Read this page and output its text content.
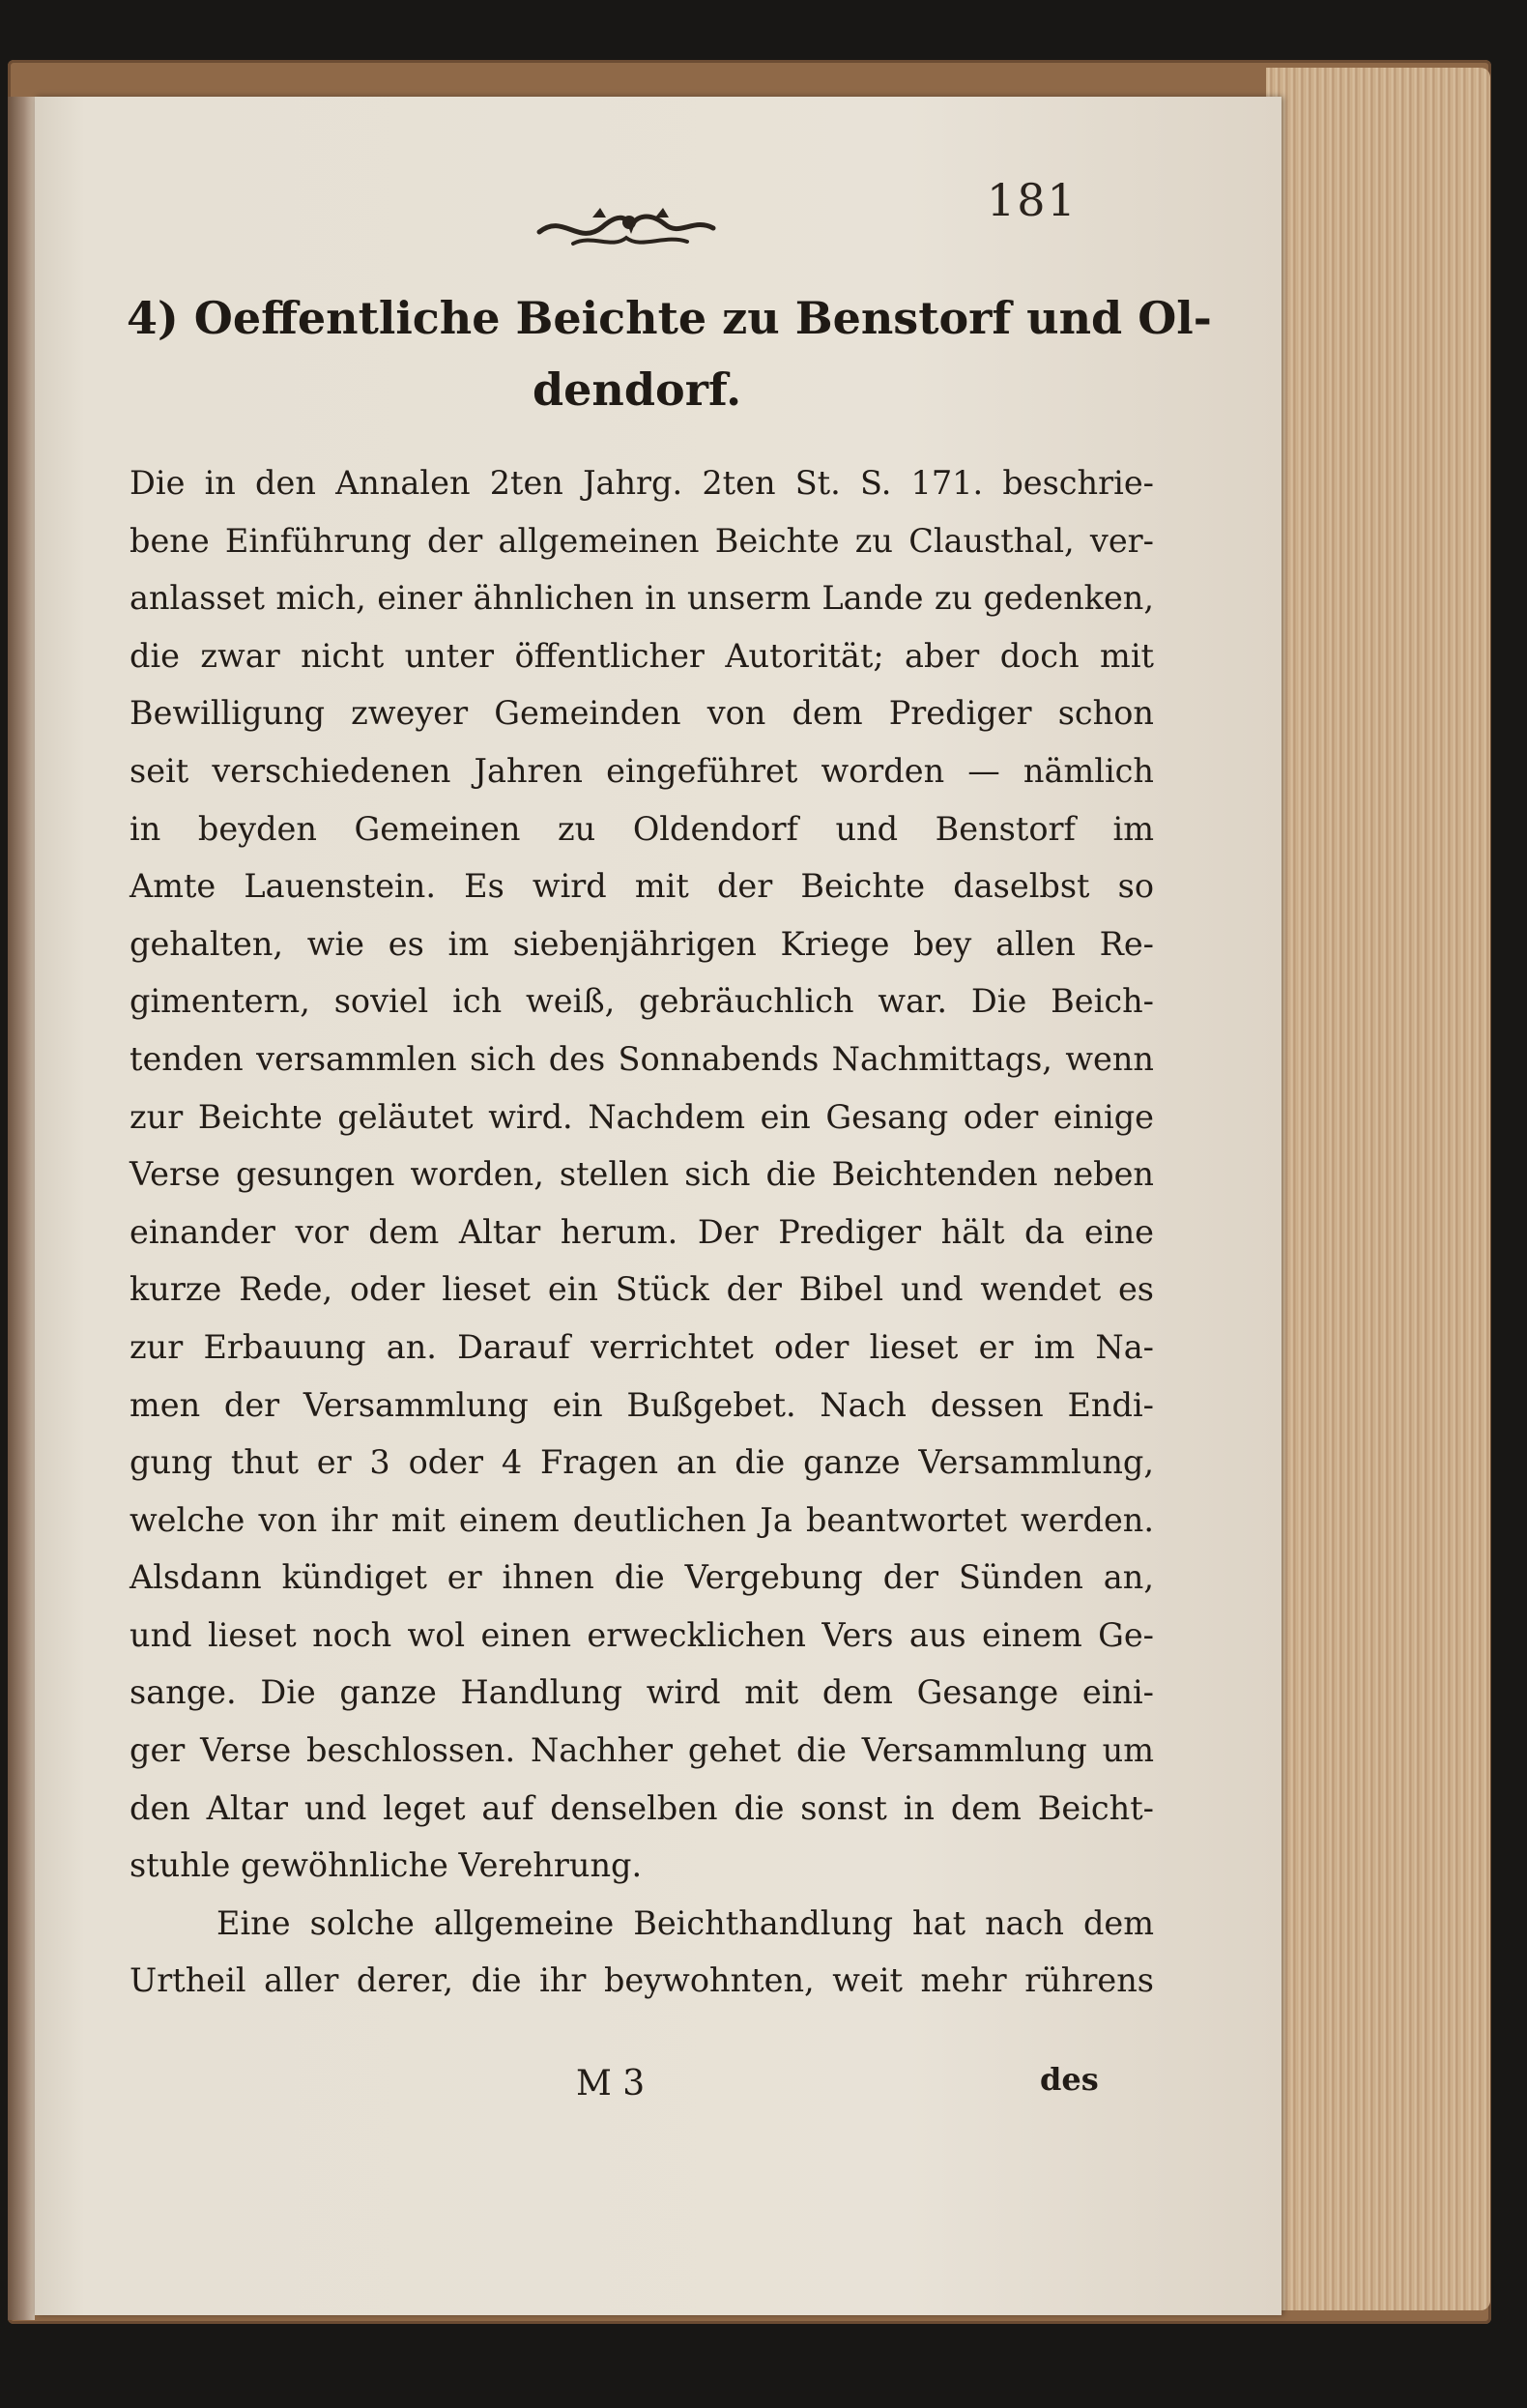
181
4) Oeffentliche Beichte zu Benstorf und Ol-
dendorf.
Die in den Annalen 2ten Jahrg. 2ten St. S. 171. beschrie-
bene Einführung der allgemeinen Beichte zu Clausthal, ver-
anlasset mich, einer ähnlichen in unserm Lande zu gedenken,
die zwar nicht unter öffentlicher Autorität; aber doch mit
Bewilligung zweyer Gemeinden von dem Prediger schon
seit verschiedenen Jahren eingeführet worden — nämlich
in beyden Gemeinen zu Oldendorf und Benstorf im
Amte Lauenstein. Es wird mit der Beichte daselbst so
gehalten, wie es im siebenjährigen Kriege bey allen Re-
gimentern, soviel ich weiß, gebräuchlich war. Die Beich-
tenden versammlen sich des Sonnabends Nachmittags, wenn
zur Beichte geläutet wird. Nachdem ein Gesang oder einige
Verse gesungen worden, stellen sich die Beichtenden neben
einander vor dem Altar herum. Der Prediger hält da eine
kurze Rede, oder lieset ein Stück der Bibel und wendet es
zur Erbauung an. Darauf verrichtet oder lieset er im Na-
men der Versammlung ein Bußgebet. Nach dessen Endi-
gung thut er 3 oder 4 Fragen an die ganze Versammlung,
welche von ihr mit einem deutlichen Ja beantwortet werden.
Alsdann kündiget er ihnen die Vergebung der Sünden an,
und lieset noch wol einen erwecklichen Vers aus einem Ge-
sange. Die ganze Handlung wird mit dem Gesange eini-
ger Verse beschlossen. Nachher gehet die Versammlung um
den Altar und leget auf denselben die sonst in dem Beicht-
stuhle gewöhnliche Verehrung.
Eine solche allgemeine Beichthandlung hat nach dem
Urtheil aller derer, die ihr beywohnten, weit mehr rührens
M 3	des
